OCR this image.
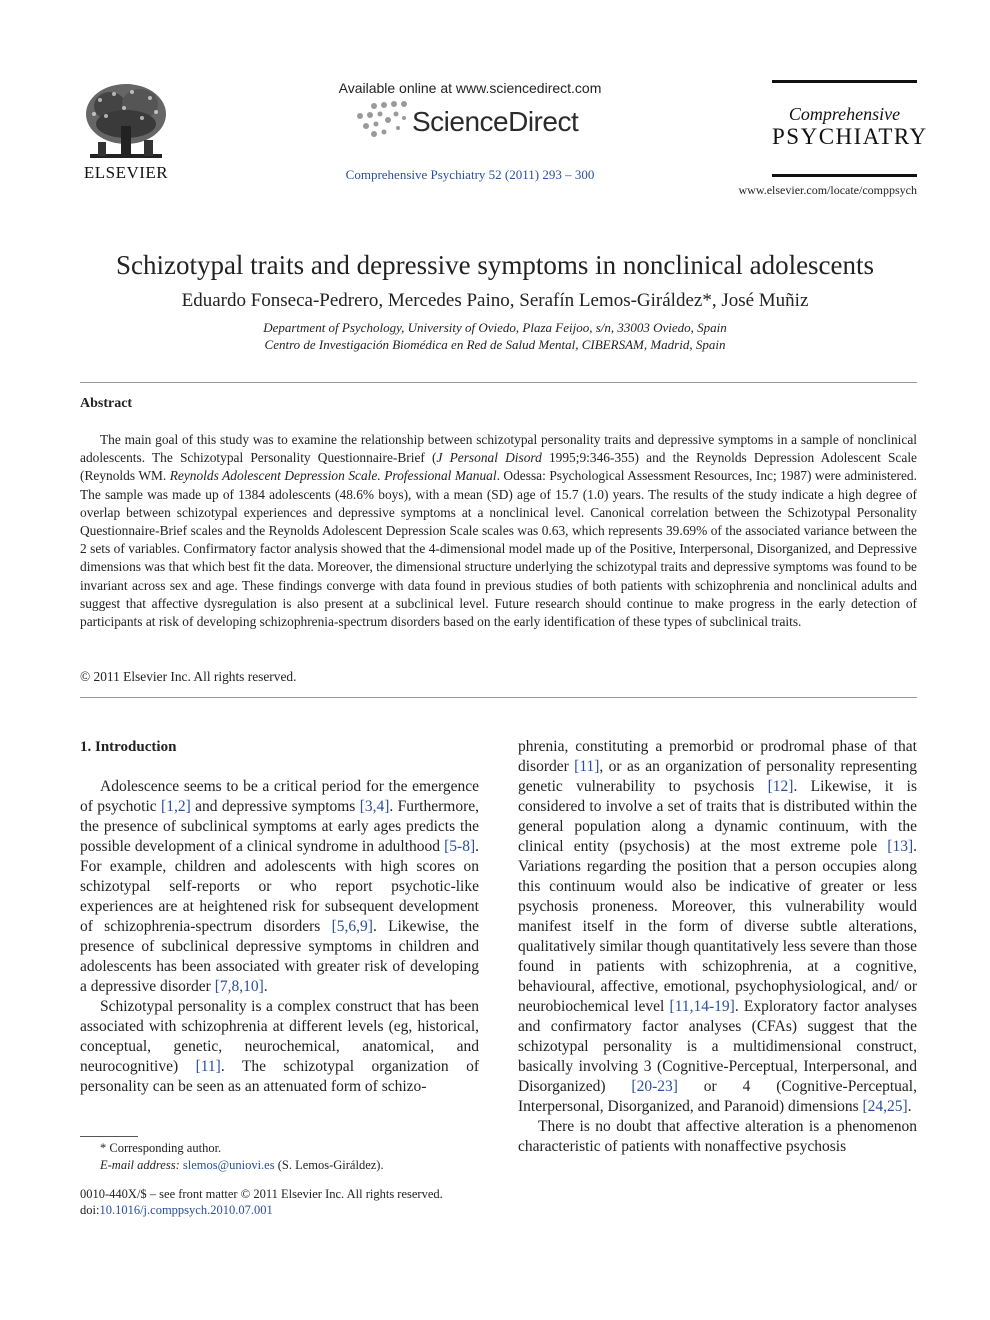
ELSEVIER
Available online at www.sciencedirect.com
ScienceDirect
Comprehensive Psychiatry 52 (2011) 293 – 300
Comprehensive
PSYCHIATRY
www.elsevier.com/locate/comppsych
Schizotypal traits and depressive symptoms in nonclinical adolescents
Eduardo Fonseca-Pedrero, Mercedes Paino, Serafín Lemos-Giráldez*, José Muñiz
Department of Psychology, University of Oviedo, Plaza Feijoo, s/n, 33003 Oviedo, Spain
Centro de Investigación Biomédica en Red de Salud Mental, CIBERSAM, Madrid, Spain
Abstract
The main goal of this study was to examine the relationship between schizotypal personality traits and depressive symptoms in a sample of nonclinical adolescents. The Schizotypal Personality Questionnaire-Brief (J Personal Disord 1995;9:346-355) and the Reynolds Depression Adolescent Scale (Reynolds WM. Reynolds Adolescent Depression Scale. Professional Manual. Odessa: Psychological Assessment Resources, Inc; 1987) were administered. The sample was made up of 1384 adolescents (48.6% boys), with a mean (SD) age of 15.7 (1.0) years. The results of the study indicate a high degree of overlap between schizotypal experiences and depressive symptoms at a nonclinical level. Canonical correlation between the Schizotypal Personality Questionnaire-Brief scales and the Reynolds Adolescent Depression Scale scales was 0.63, which represents 39.69% of the associated variance between the 2 sets of variables. Confirmatory factor analysis showed that the 4-dimensional model made up of the Positive, Interpersonal, Disorganized, and Depressive dimensions was that which best fit the data. Moreover, the dimensional structure underlying the schizotypal traits and depressive symptoms was found to be invariant across sex and age. These findings converge with data found in previous studies of both patients with schizophrenia and nonclinical adults and suggest that affective dysregulation is also present at a subclinical level. Future research should continue to make progress in the early detection of participants at risk of developing schizophrenia-spectrum disorders based on the early identification of these types of subclinical traits.
© 2011 Elsevier Inc. All rights reserved.

1. Introduction

Adolescence seems to be a critical period for the emergence of psychotic [1,2] and depressive symptoms [3,4]. Furthermore, the presence of subclinical symptoms at early ages predicts the possible development of a clinical syndrome in adulthood [5-8]. For example, children and adolescents with high scores on schizotypal self-reports or who report psychotic-like experiences are at heightened risk for subsequent development of schizophrenia-spectrum disorders [5,6,9]. Likewise, the presence of subclinical depressive symptoms in children and adolescents has been associated with greater risk of developing a depressive disorder [7,8,10].

Schizotypal personality is a complex construct that has been associated with schizophrenia at different levels (eg, historical, conceptual, genetic, neurochemical, anatomical, and neurocognitive) [11]. The schizotypal organization of personality can be seen as an attenuated form of schizo-

phrenia, constituting a premorbid or prodromal phase of that disorder [11], or as an organization of personality representing genetic vulnerability to psychosis [12]. Likewise, it is considered to involve a set of traits that is distributed within the general population along a dynamic continuum, with the clinical entity (psychosis) at the most extreme pole [13]. Variations regarding the position that a person occupies along this continuum would also be indicative of greater or less psychosis proneness. Moreover, this vulnerability would manifest itself in the form of diverse subtle alterations, qualitatively similar though quantitatively less severe than those found in patients with schizophrenia, at a cognitive, behavioural, affective, emotional, psychophysiological, and/ or neurobiochemical level [11,14-19]. Exploratory factor analyses and confirmatory factor analyses (CFAs) suggest that the schizotypal personality is a multidimensional construct, basically involving 3 (Cognitive-Perceptual, Interpersonal, and Disorganized) [20-23] or 4 (Cognitive-Perceptual, Interpersonal, Disorganized, and Paranoid) dimensions [24,25].

There is no doubt that affective alteration is a phenomenon characteristic of patients with nonaffective psychosis

* Corresponding author.
E-mail address: slemos@uniovi.es (S. Lemos-Giráldez).
0010-440X/$ – see front matter © 2011 Elsevier Inc. All rights reserved.
doi:10.1016/j.comppsych.2010.07.001
